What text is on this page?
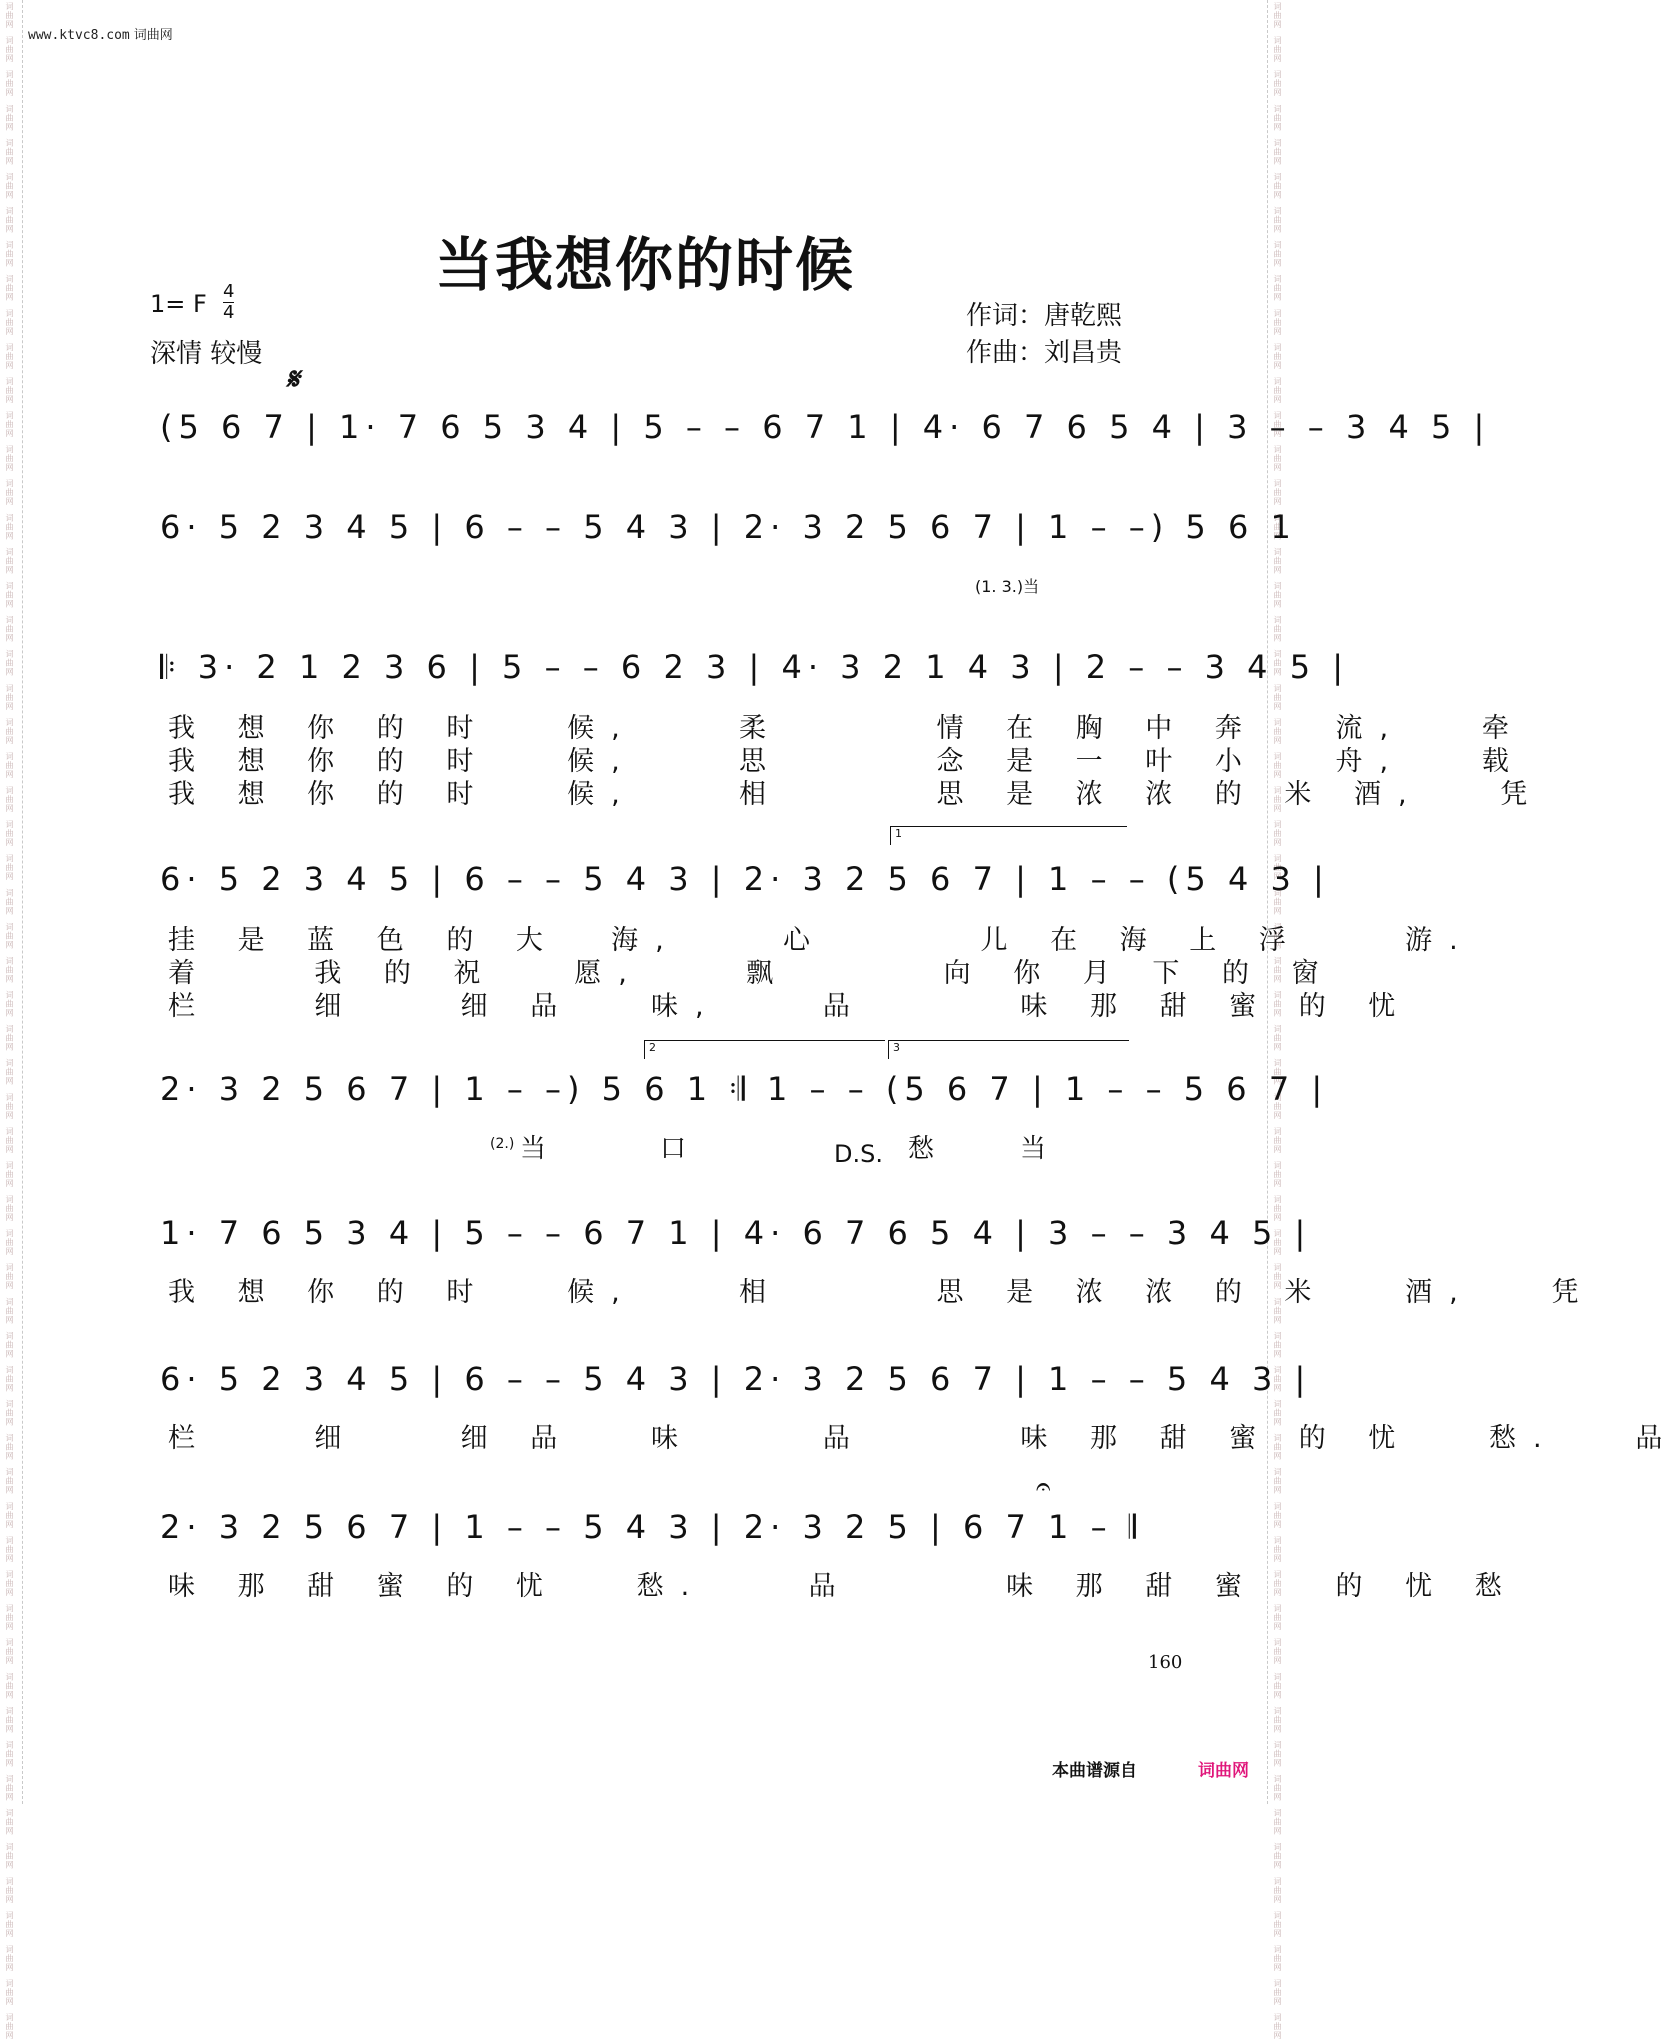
词曲网  词曲网  词曲网  词曲网  词曲网  词曲网  词曲网  词曲网  词曲网  词曲网  词曲网  词曲网  词曲网  词曲网  词曲网  词曲网  词曲网  词曲网  词曲网  词曲网  词曲网  词曲网  词曲网  词曲网  词曲网  词曲网  词曲网  词曲网  词曲网  词曲网  词曲网  词曲网  词曲网  词曲网  词曲网  词曲网  词曲网  词曲网  词曲网  词曲网  词曲网  词曲网  词曲网  词曲网  词曲网  词曲网  词曲网  词曲网  词曲网  词曲网  词曲网  词曲网  词曲网  词曲网  词曲网  词曲网  词曲网  词曲网  词曲网  词曲网	词曲网  词曲网  词曲网  词曲网  词曲网  词曲网  词曲网  词曲网  词曲网  词曲网  词曲网  词曲网  词曲网  词曲网  词曲网  词曲网  词曲网  词曲网  词曲网  词曲网  词曲网  词曲网  词曲网  词曲网  词曲网  词曲网  词曲网  词曲网  词曲网  词曲网  词曲网  词曲网  词曲网  词曲网  词曲网  词曲网  词曲网  词曲网  词曲网  词曲网  词曲网  词曲网  词曲网  词曲网  词曲网  词曲网  词曲网  词曲网  词曲网  词曲网  词曲网  词曲网  词曲网  词曲网  词曲网  词曲网  词曲网  词曲网  词曲网  词曲网
www.ktvc8.com 词曲网
当我想你的时候
1= F 4
4
深情 较慢
作词：唐乾熙
作曲：刘昌贵
𝄋
(5 6 7 | 1· 7 6 5 3 4 | 5 – – 6 7 1 | 4· 6 7 6 5 4 | 3 – – 3 4 5 |
6· 5 2 3 4 5 | 6 – – 5 4 3 | 2· 3 2 5 6 7 | 1 – –) 5 6 1
(1. 3.)当
𝄆 3· 2 1 2 3 6 | 5 – – 6 2 3 | 4· 3 2 1 4 3 | 2 – – 3 4 5 |
我 想 你 的 时   候,    柔      情 在 胸 中 奔   流,   牵
我 想 你 的 时   候,    思      念 是 一 叶 小   舟,   载
我 想 你 的 时   候,    相      思 是 浓 浓 的 米 酒,   凭
1
6· 5 2 3 4 5 | 6 – – 5 4 3 | 2· 3 2 5 6 7 | 1 – – (5 4 3 |
挂 是 蓝 色 的 大  海,    心      儿 在 海 上 浮    游.
着    我 的 祝   愿,    飘      向 你 月 下 的 窗
栏    细    细 品   味,    品      味 那 甜 蜜 的 忧
2	3
2· 3 2 5 6 7 | 1 – –) 5 6 1 𝄇 1 – – (5 6 7 | 1 – – 5 6 7 |
(2.) 当	口	D.S. 愁	当
1· 7 6 5 3 4 | 5 – – 6 7 1 | 4· 6 7 6 5 4 | 3 – – 3 4 5 |
我 想 你 的 时   候,    相      思 是 浓 浓 的 米   酒,   凭
6· 5 2 3 4 5 | 6 – – 5 4 3 | 2· 3 2 5 6 7 | 1 – – 5 4 3 |
栏    细    细 品   味     品      味 那 甜 蜜 的 忧   愁.   品
2· 3 2 5 6 7 | 1 – – 5 4 3 | 2· 3 2 5 | 6 7 1 – 𝄂
𝄐
味 那 甜 蜜 的 忧   愁.    品      味 那 甜 蜜   的 忧 愁
160
本曲谱源自	词曲网
